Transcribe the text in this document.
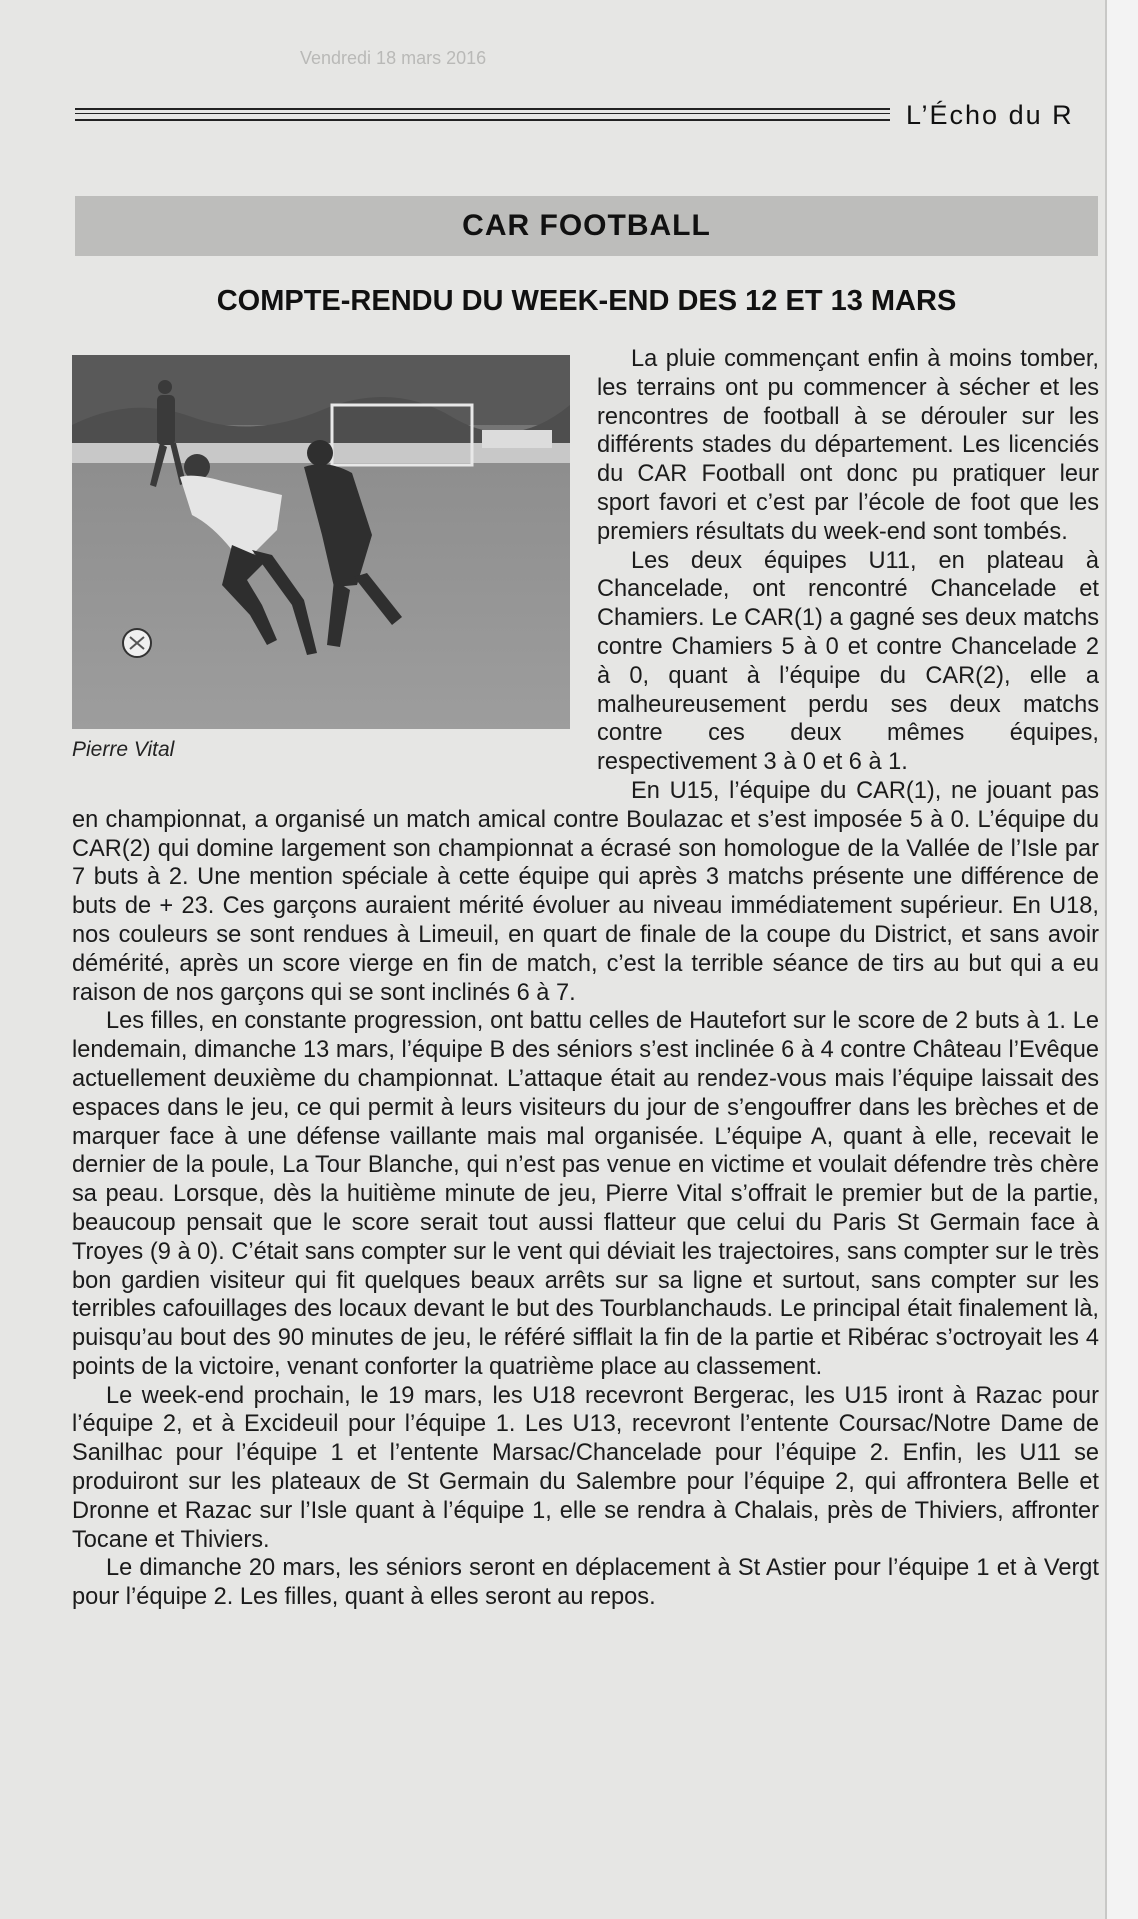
Vendredi 18 mars 2016
L’Écho du R
CAR FOOTBALL
COMPTE-RENDU DU WEEK-END DES 12 ET 13 MARS
Pierre Vital

La pluie commençant enfin à moins tomber, les terrains ont pu commencer à sécher et les rencontres de football à se dérouler sur les différents stades du département. Les licenciés du CAR Football ont donc pu pratiquer leur sport favori et c’est par l’école de foot que les premiers résultats du week-end sont tombés.

Les deux équipes U11, en plateau à Chancelade, ont rencontré Chancelade et Chamiers. Le CAR(1) a gagné ses deux matchs contre Chamiers 5 à 0 et contre Chancelade 2 à 0, quant à l’équipe du CAR(2), elle a malheureusement perdu ses deux matchs contre ces deux mêmes équipes, respectivement 3 à 0 et 6 à 1.

En U15, l’équipe du CAR(1), ne jouant pas en championnat, a organisé un match amical contre Boulazac et s’est imposée 5 à 0. L’équipe du CAR(2) qui domine largement son championnat a écrasé son homologue de la Vallée de l’Isle par 7 buts à 2. Une mention spéciale à cette équipe qui après 3 matchs présente une différence de buts de + 23. Ces garçons auraient mérité évoluer au niveau immédiatement supérieur. En U18, nos couleurs se sont rendues à Limeuil, en quart de finale de la coupe du District, et sans avoir démérité, après un score vierge en fin de match, c’est la terrible séance de tirs au but qui a eu raison de nos garçons qui se sont inclinés 6 à 7.

Les filles, en constante progression, ont battu celles de Hautefort sur le score de 2 buts à 1. Le lendemain, dimanche 13 mars, l’équipe B des séniors s’est inclinée 6 à 4 contre Château l’Evêque actuellement deuxième du championnat. L’attaque était au rendez-vous mais l’équipe laissait des espaces dans le jeu, ce qui permit à leurs visiteurs du jour de s’engouffrer dans les brèches et de marquer face à une défense vaillante mais mal organisée. L’équipe A, quant à elle, recevait le dernier de la poule, La Tour Blanche, qui n’est pas venue en victime et voulait défendre très chère sa peau. Lorsque, dès la huitième minute de jeu, Pierre Vital s’offrait le premier but de la partie, beaucoup pensait que le score serait tout aussi flatteur que celui du Paris St Germain face à Troyes (9 à 0). C’était sans compter sur le vent qui déviait les trajectoires, sans compter sur le très bon gardien visiteur qui fit quelques beaux arrêts sur sa ligne et surtout, sans compter sur les terribles cafouillages des locaux devant le but des Tourblanchauds. Le principal était finalement là, puisqu’au bout des 90 minutes de jeu, le référé sifflait la fin de la partie et Ribérac s’octroyait les 4 points de la victoire, venant conforter la quatrième place au classement.

Le week-end prochain, le 19 mars, les U18 recevront Bergerac, les U15 iront à Razac pour l’équipe 2, et à Excideuil pour l’équipe 1. Les U13, recevront l’entente Coursac/Notre Dame de Sanilhac pour l’équipe 1 et l’entente Marsac/Chancelade pour l’équipe 2. Enfin, les U11 se produiront sur les plateaux de St Germain du Salembre pour l’équipe 2, qui affrontera Belle et Dronne et Razac sur l’Isle quant à l’équipe 1, elle se rendra à Chalais, près de Thiviers, affronter Tocane et Thiviers.

Le dimanche 20 mars, les séniors seront en déplacement à St Astier pour l’équipe 1 et à Vergt pour l’équipe 2. Les filles, quant à elles seront au repos.
